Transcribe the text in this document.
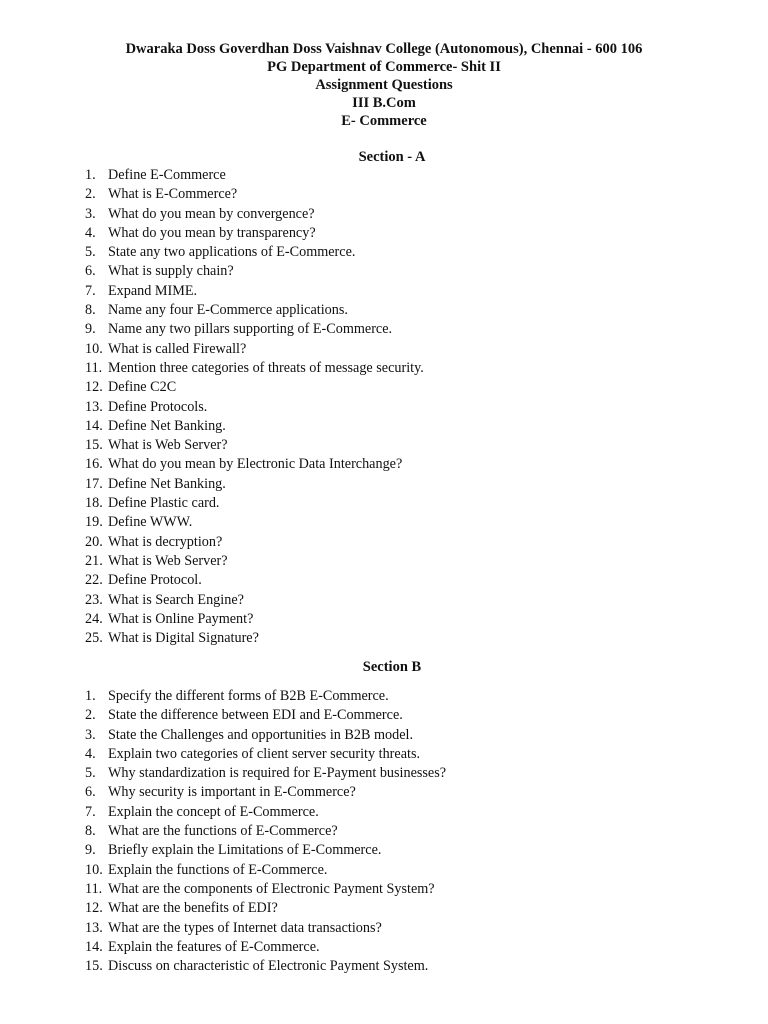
Dwaraka Doss Goverdhan Doss Vaishnav College (Autonomous), Chennai - 600 106
PG Department of Commerce- Shit II
Assignment Questions
III B.Com
E- Commerce
Section - A
1. Define E-Commerce
2. What is E-Commerce?
3. What do you mean by convergence?
4. What do you mean by transparency?
5. State any two applications of E-Commerce.
6. What is supply chain?
7. Expand MIME.
8. Name any four E-Commerce applications.
9. Name any two pillars supporting of E-Commerce.
10. What is called Firewall?
11. Mention three categories of threats of message security.
12. Define C2C
13. Define Protocols.
14. Define Net Banking.
15. What is Web Server?
16. What do you mean by Electronic Data Interchange?
17. Define Net Banking.
18. Define Plastic card.
19. Define WWW.
20. What is decryption?
21. What is Web Server?
22. Define Protocol.
23. What is Search Engine?
24. What is Online Payment?
25. What is Digital Signature?
Section B
1. Specify the different forms of B2B E-Commerce.
2. State the difference between EDI and E-Commerce.
3. State the Challenges and opportunities in B2B model.
4. Explain two categories of client server security threats.
5. Why standardization is required for E-Payment businesses?
6. Why security is important in E-Commerce?
7. Explain the concept of E-Commerce.
8. What are the functions of E-Commerce?
9. Briefly explain the Limitations of E-Commerce.
10. Explain the functions of E-Commerce.
11. What are the components of Electronic Payment System?
12. What are the benefits of EDI?
13. What are the types of Internet data transactions?
14. Explain the features of E-Commerce.
15. Discuss on characteristic of Electronic Payment System.
